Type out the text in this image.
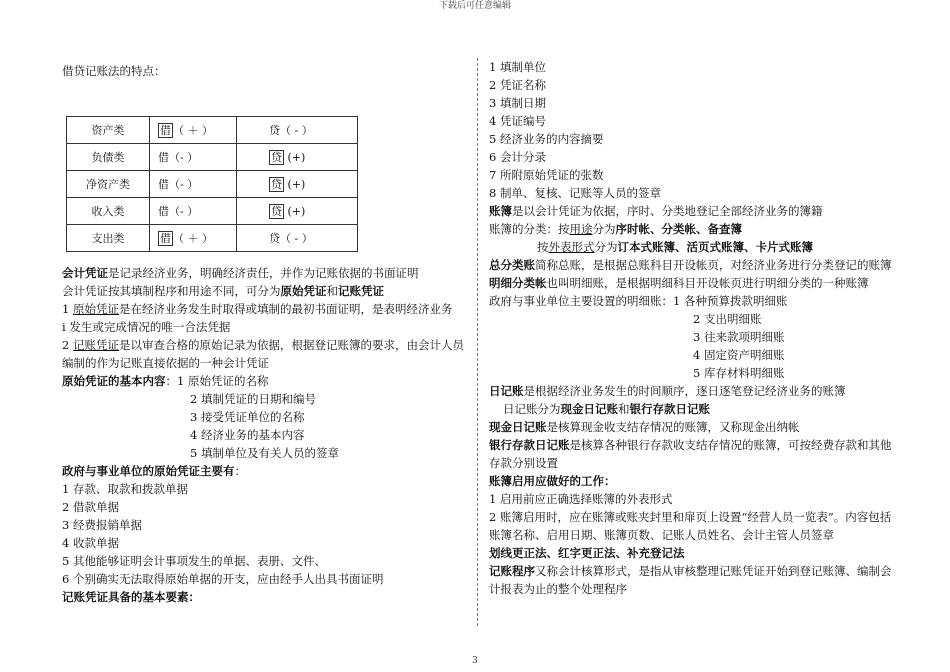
下载后可任意编辑
借贷记账法的特点：
资产类	借 （ ＋ ）	贷（ - ）
负债类	借（- ）	贷 (+)
净资产类	借（- ）	贷 (+)
收入类	借（- ）	贷 (+)
支出类	借 （ ＋ ）	贷（ - ）
会计凭证是记录经济业务，明确经济责任，并作为记账依据的书面证明
会计凭证按其填制程序和用途不同，可分为原始凭证和记账凭证
1 原始凭证是在经济业务发生时取得或填制的最初书面证明，是表明经济业务
i 发生或完成情况的唯一合法凭据
2 记账凭证是以审查合格的原始记录为依据，根据登记账簿的要求，由会计人员编制的作为记账直接依据的一种会计凭证
原始凭证的基本内容：1 原始凭证的名称
2 填制凭证的日期和编号
3 接受凭证单位的名称
4 经济业务的基本内容
5 填制单位及有关人员的签章
政府与事业单位的原始凭证主要有：
1 存款、取款和拨款单据
2 借款单据
3 经费报销单据
4 收款单据
5 其他能够证明会计事项发生的单据、表册、文件、
6 个别确实无法取得原始单据的开支，应由经手人出具书面证明
记账凭证具备的基本要素：
1 填制单位
2 凭证名称
3 填制日期
4 凭证编号
5 经济业务的内容摘要
6 会计分录
7 所附原始凭证的张数
8 制单、复核、记账等人员的签章
账簿是以会计凭证为依据，序时、分类地登记全部经济业务的簿籍
账簿的分类：按用途分为序时帐、分类帐、备查簿
按外表形式分为订本式账簿、活页式账簿、卡片式账簿
总分类账简称总账，是根据总账科目开设帐页，对经济业务进行分类登记的账簿
明细分类帐也叫明细账，是根据明细科目开设帐页进行明细分类的一种账簿
政府与事业单位主要设置的明细账：1 各种预算拨款明细账
2 支出明细账
3 往来款项明细账
4 固定资产明细账
5 库存材料明细账
日记账是根据经济业务发生的时间顺序，逐日逐笔登记经济业务的账簿
日记账分为现金日记账和银行存款日记账
现金日记账是核算现金收支结存情况的账簿，又称现金出纳帐
银行存款日记账是核算各种银行存款收支结存情况的账簿，可按经费存款和其他存款分别设置
账簿启用应做好的工作：
1 启用前应正确选择账簿的外表形式
2 账簿启用时，应在账簿或账夹封里和扉页上设置“经营人员一览表”。内容包括账簿名称、启用日期、账簿页数、记账人员姓名、会计主管人员签章
划线更正法、红字更正法、补充登记法
记账程序又称会计核算形式，是指从审核整理记账凭证开始到登记账簿、编制会计报表为止的整个处理程序
3
